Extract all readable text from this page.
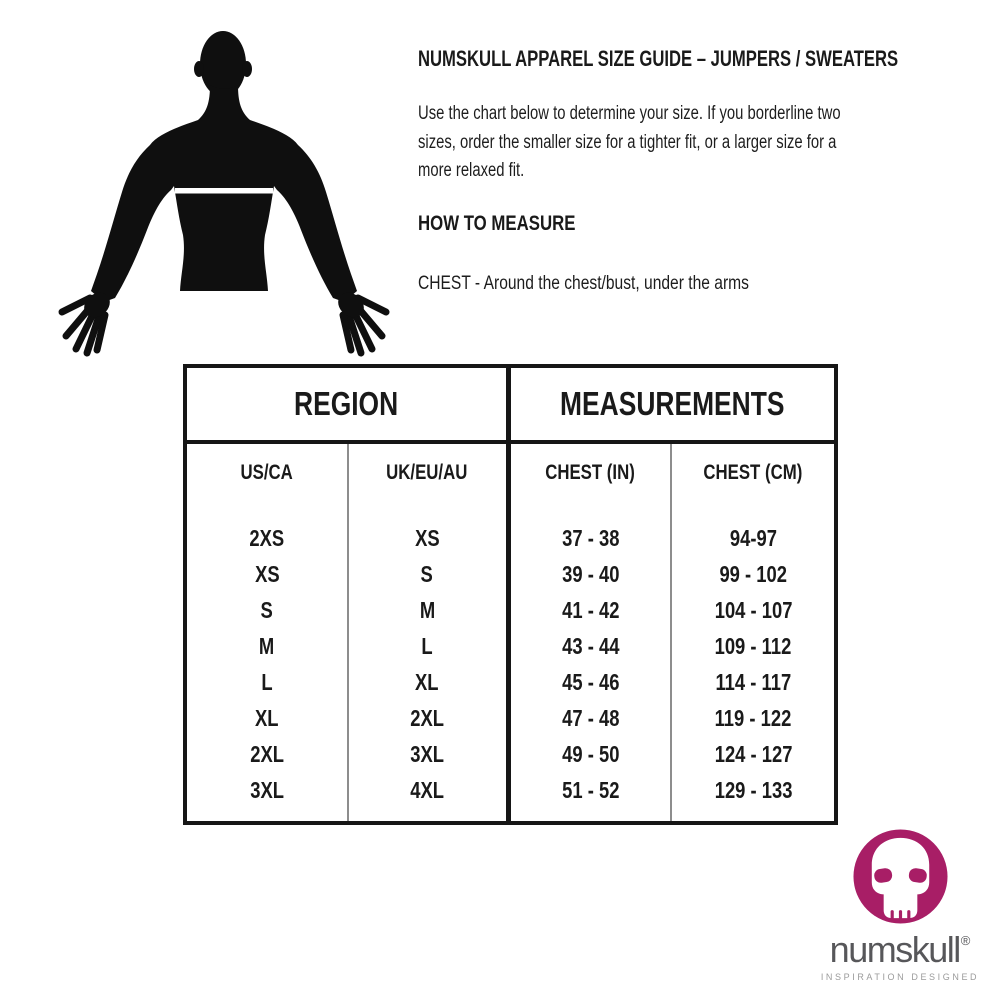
NUMSKULL APPAREL SIZE GUIDE – JUMPERS / SWEATERS
Use the chart below to determine your size. If you borderline two sizes, order the smaller size for a tighter fit, or a larger size for a more relaxed fit.
HOW TO MEASURE
CHEST - Around the chest/bust, under the arms
REGION	MEASUREMENTS
US/CA	UK/EU/AU	CHEST (IN)	CHEST (CM)
2XS	XS	37 - 38	94-97
XS	S	39 - 40	99 - 102
S	M	41 - 42	104 - 107
M	L	43 - 44	109 - 112
L	XL	45 - 46	114 - 117
XL	2XL	47 - 48	119 - 122
2XL	3XL	49 - 50	124 - 127
3XL	4XL	51 - 52	129 - 133
numskull®
INSPIRATION DESIGNED
